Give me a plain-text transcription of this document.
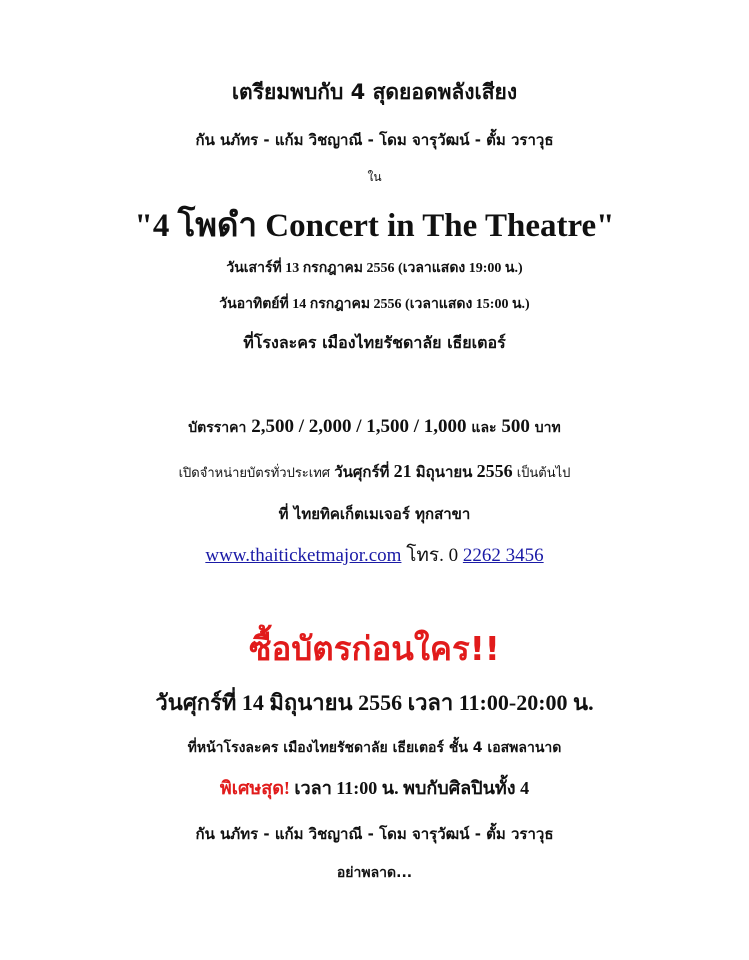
เตรียมพบกับ 4 สุดยอดพลังเสียง
กัน นภัทร - แก้ม วิชญาณี - โดม จารุวัฒน์ - ตั้ม วราวุธ
ใน
"4 โพดำ Concert in The Theatre"
วันเสาร์ที่ 13 กรกฎาคม 2556 (เวลาแสดง 19:00 น.)
วันอาทิตย์ที่ 14 กรกฎาคม 2556 (เวลาแสดง 15:00 น.)
ที่โรงละคร เมืองไทยรัชดาลัย เธียเตอร์
บัตรราคา 2,500 / 2,000 / 1,500 / 1,000 และ 500 บาท
เปิดจำหน่ายบัตรทั่วประเทศ วันศุกร์ที่ 21 มิถุนายน 2556 เป็นต้นไป
ที่ ไทยทิคเก็ตเมเจอร์ ทุกสาขา
www.thaiticketmajor.com โทร. 0 2262 3456
ซื้อบัตรก่อนใคร!!
วันศุกร์ที่ 14 มิถุนายน 2556 เวลา 11:00-20:00 น.
ที่หน้าโรงละคร เมืองไทยรัชดาลัย เธียเตอร์ ชั้น 4 เอสพลานาด
พิเศษสุด! เวลา 11:00 น. พบกับศิลปินทั้ง 4
กัน นภัทร - แก้ม วิชญาณี - โดม จารุวัฒน์ - ตั้ม วราวุธ
อย่าพลาด...
